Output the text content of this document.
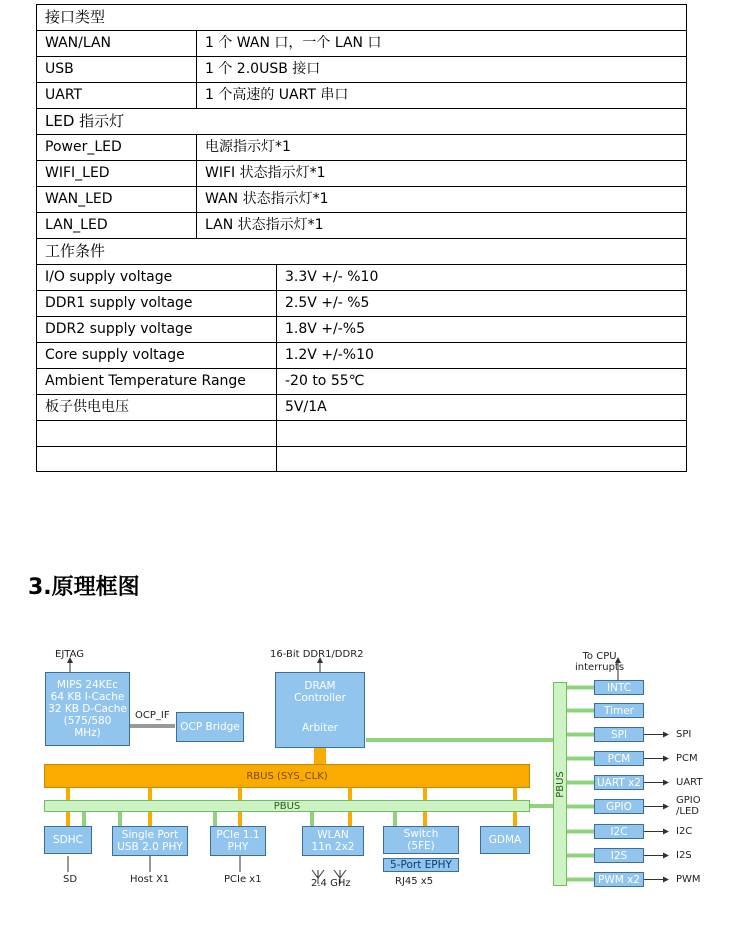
接口类型		
WAN/LAN	1 个 WAN 口，一个 LAN 口	
USB	1 个 2.0USB 接口	
UART	1 个高速的 UART 串口	
LED 指示灯		
Power_LED	电源指示灯*1	
WIFI_LED	WIFI 状态指示灯*1	
WAN_LED	WAN 状态指示灯*1	
LAN_LED	LAN 状态指示灯*1	
工作条件		
I/O supply voltage		3.3V +/- %10
DDR1 supply voltage		2.5V +/- %5
DDR2 supply voltage		1.8V +/-%5
Core supply voltage		1.2V +/-%10
Ambient Temperature Range		-20 to 55℃
板子供电电压		5V/1A

3.原理框图
EJTAG
MIPS 24KEc
64 KB I-Cache
32 KB D-Cache
(575/580
MHz)
OCP_IF
OCP Bridge
16-Bit DDR1/DDR2
DRAM
Controller
Arbiter
RBUS (SYS_CLK)
PBUS
To CPU
interrupts
PBUS
INTC
Timer
SPI	SPI
PCM	PCM
UART x2	UART
GPIO	GPIO
/LED
I2C	I2C
I2S	I2S
PWM x2	PWM
SDHC	Single Port
USB 2.0 PHY
PCIe 1.1
PHY
WLAN
11n 2x2
Switch
(5FE)
5-Port EPHY
GDMA
SD	Host X1	PCIe x1	2.4 GHz	RJ45 x5
